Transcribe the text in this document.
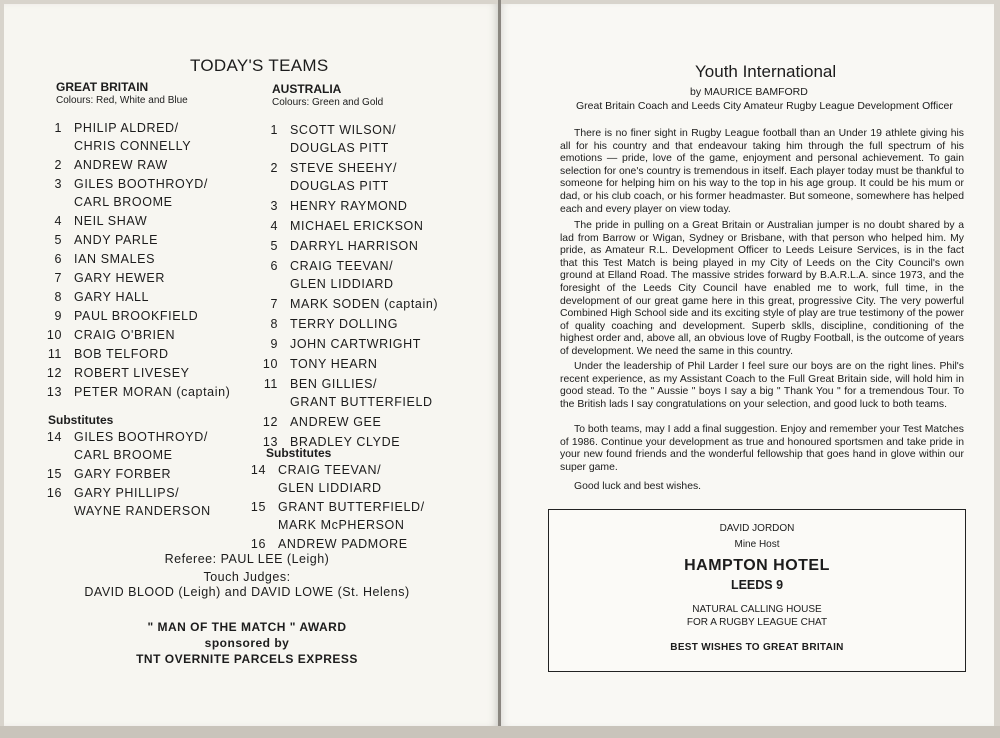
TODAY'S TEAMS
GREAT BRITAIN
Colours: Red, White and Blue
1 PHILIP ALDRED/
CHRIS CONNELLY
2 ANDREW RAW
3 GILES BOOTHROYD/
CARL BROOME
4 NEIL SHAW
5 ANDY PARLE
6 IAN SMALES
7 GARY HEWER
8 GARY HALL
9 PAUL BROOKFIELD
10 CRAIG O'BRIEN
11 BOB TELFORD
12 ROBERT LIVESEY
13 PETER MORAN (captain)
Substitutes
14 GILES BOOTHROYD/
CARL BROOME
15 GARY FORBER
16 GARY PHILLIPS/
WAYNE RANDERSON
AUSTRALIA
Colours: Green and Gold
1 SCOTT WILSON/
DOUGLAS PITT
2 STEVE SHEEHY/
DOUGLAS PITT
3 HENRY RAYMOND
4 MICHAEL ERICKSON
5 DARRYL HARRISON
6 CRAIG TEEVAN/
GLEN LIDDIARD
7 MARK SODEN (captain)
8 TERRY DOLLING
9 JOHN CARTWRIGHT
10 TONY HEARN
11 BEN GILLIES/
GRANT BUTTERFIELD
12 ANDREW GEE
13 BRADLEY CLYDE
Substitutes
14 CRAIG TEEVAN/
GLEN LIDDIARD
15 GRANT BUTTERFIELD/
MARK McPHERSON
16 ANDREW PADMORE
Referee: PAUL LEE (Leigh)
Touch Judges:
DAVID BLOOD (Leigh) and DAVID LOWE (St. Helens)
" MAN OF THE MATCH " AWARD
sponsored by
TNT OVERNITE PARCELS EXPRESS
Youth International
by MAURICE BAMFORD
Great Britain Coach and Leeds City Amateur Rugby League Development Officer
There is no finer sight in Rugby League football than an Under 19 athlete giving his all for his country and that endeavour taking him through the full spectrum of his emotions — pride, love of the game, enjoyment and personal achievement. To gain selection for one's country is tremendous in itself. Each player today must be thankful to someone for helping him on his way to the top in his age group. It could be his mum or dad, or his club coach, or his former headmaster. But someone, somewhere has helped each and every player on view today.
The pride in pulling on a Great Britain or Australian jumper is no doubt shared by a lad from Barrow or Wigan, Sydney or Brisbane, with that person who helped him. My pride, as Amateur R.L. Development Officer to Leeds Leisure Services, is in the fact that this Test Match is being played in my City of Leeds on the City Council's own ground at Elland Road. The massive strides forward by B.A.R.L.A. since 1973, and the foresight of the Leeds City Council have enabled me to work, full time, in the development of our great game here in this great, progressive City. The very powerful Combined High School side and its exciting style of play are true testimony of the power of quality coaching and development. Superb sklls, discipline, conditioning of the highest order and, above all, an obvious love of Rugby Football, is the outcome of years of development. We need the same in this country.
Under the leadership of Phil Larder I feel sure our boys are on the right lines. Phil's recent experience, as my Assistant Coach to the Full Great Britain side, will hold him in good stead. To the " Aussie " boys I say a big " Thank You " for a tremendous Tour. To the British lads I say congratulations on your selection, and good luck to both teams.
To both teams, may I add a final suggestion. Enjoy and remember your Test Matches of 1986. Continue your development as true and honoured sportsmen and take pride in your new found friends and the wonderful fellowship that goes hand in glove within our super game.
Good luck and best wishes.
DAVID JORDON
Mine Host
HAMPTON HOTEL
LEEDS 9
NATURAL CALLING HOUSE
FOR A RUGBY LEAGUE CHAT
BEST WISHES TO GREAT BRITAIN
